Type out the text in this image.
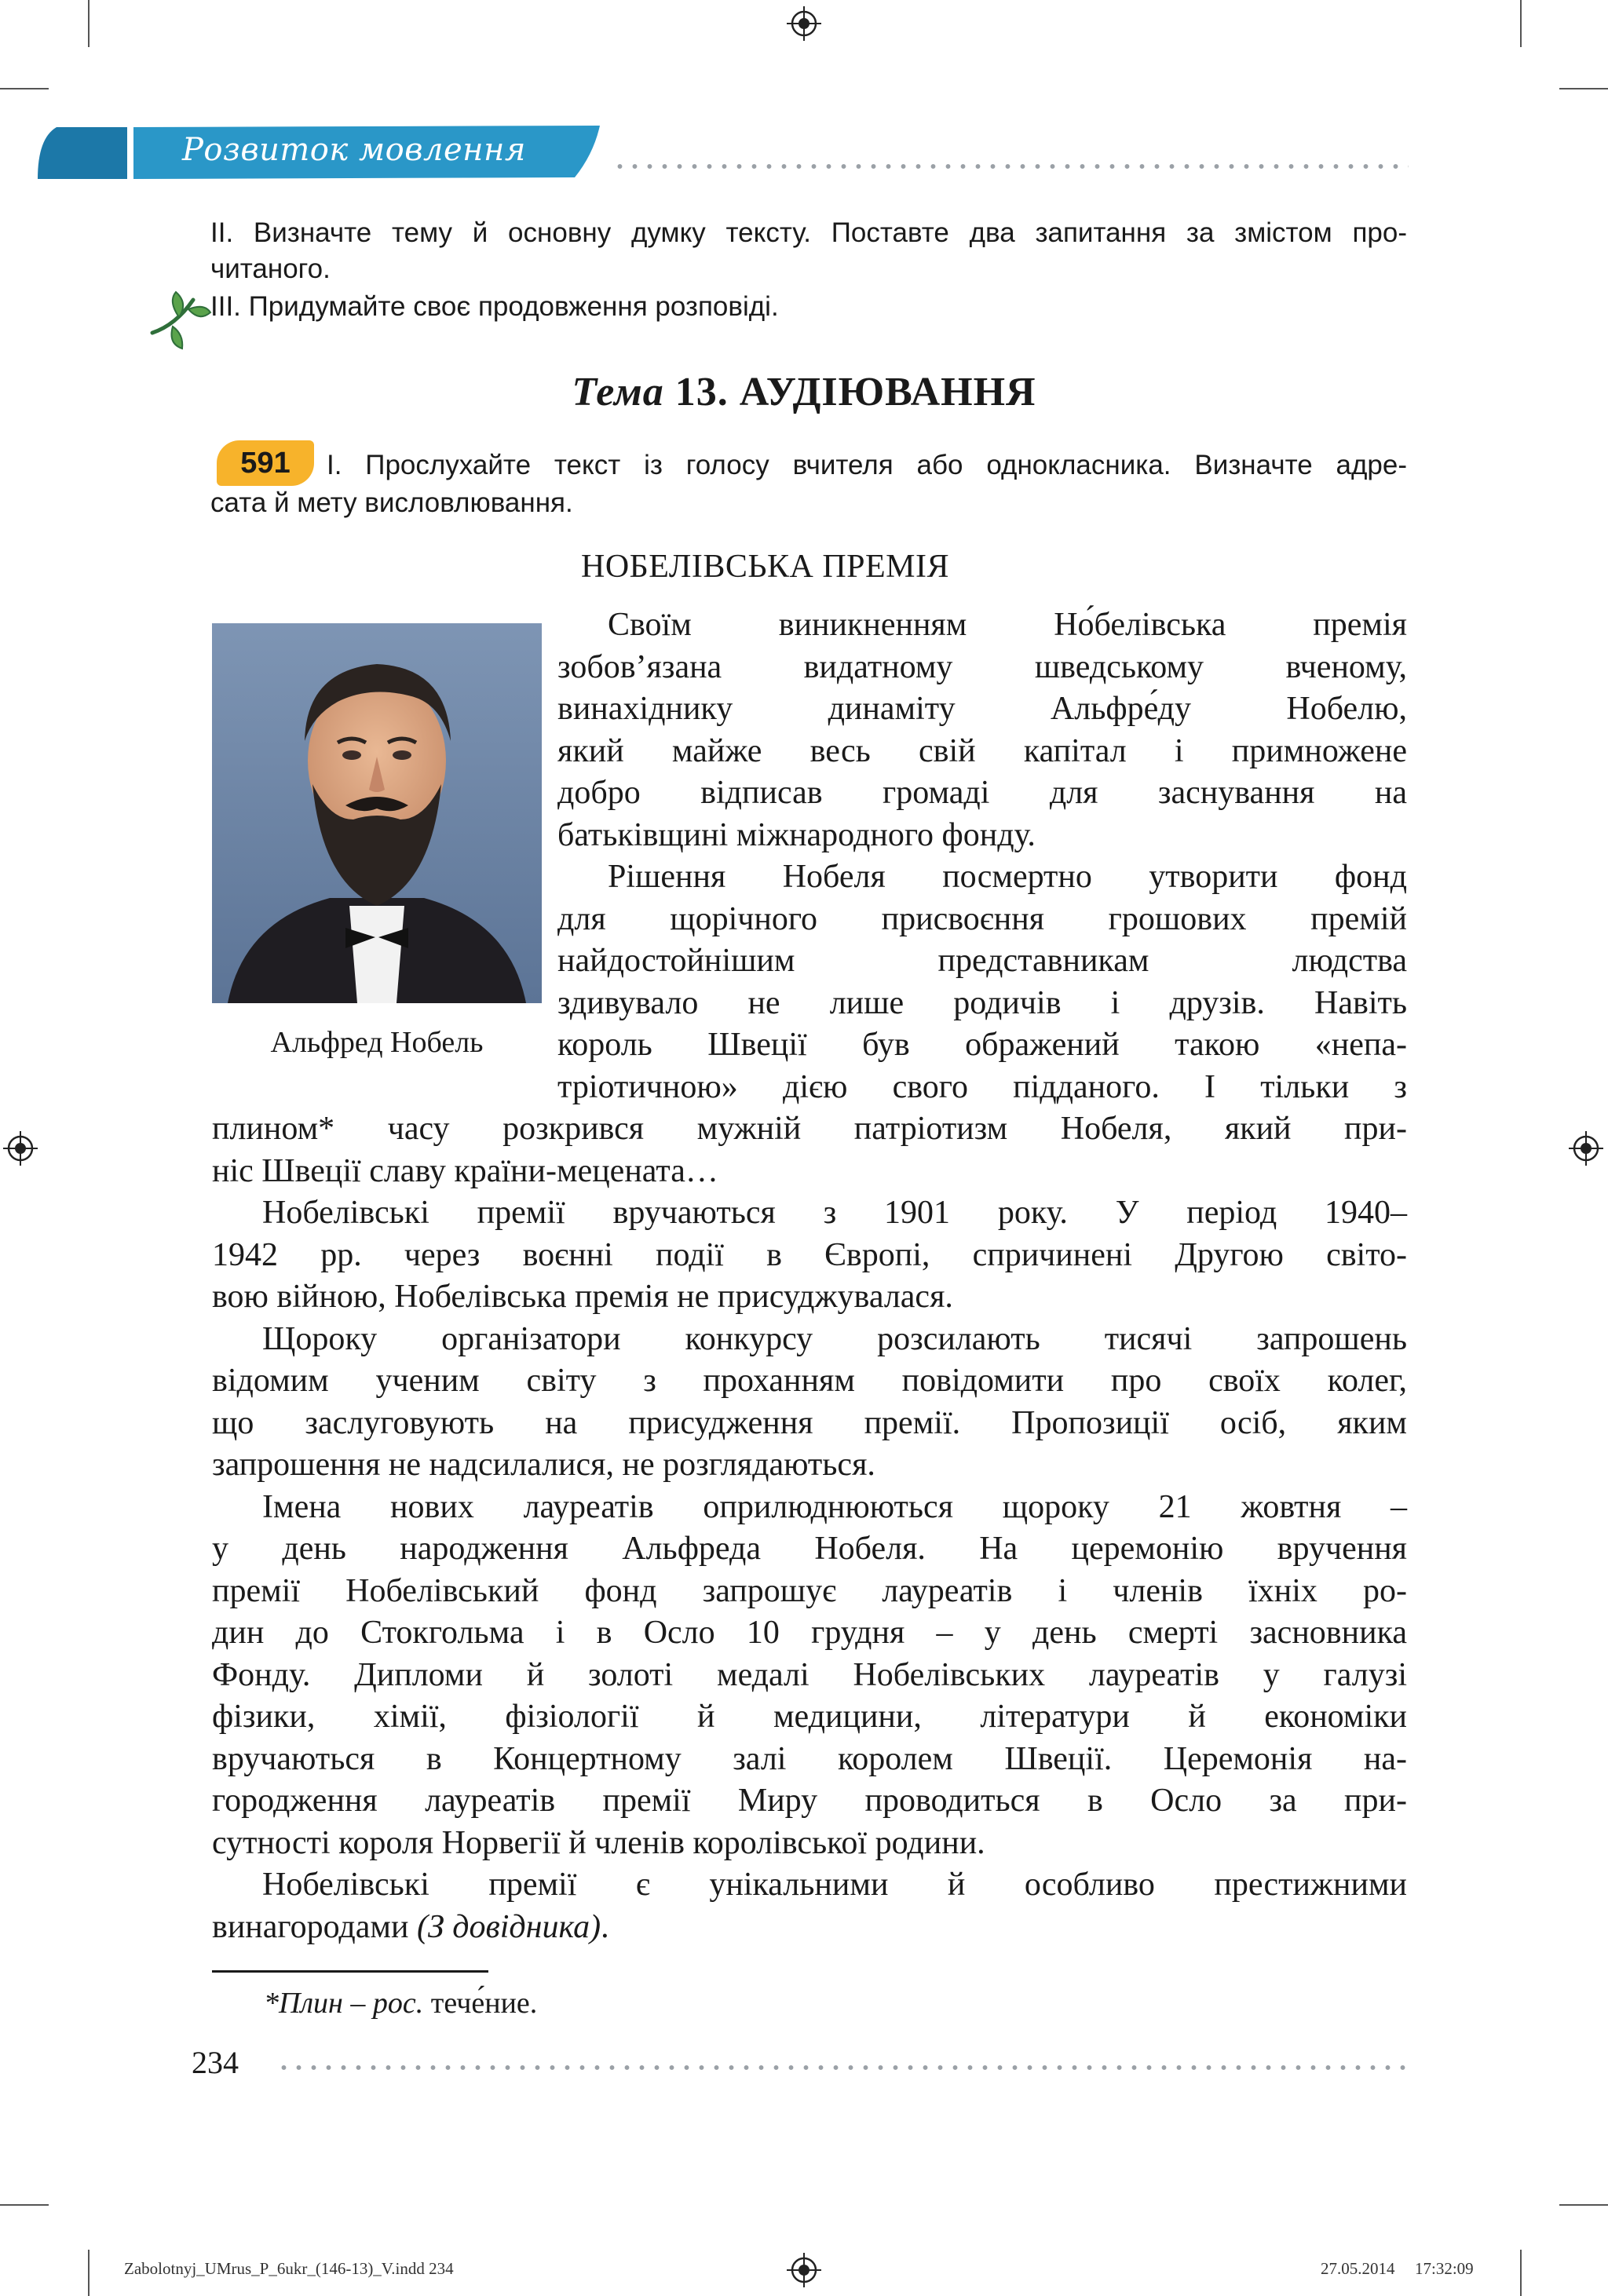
Розвиток мовлення
ІІ. Визначте тему й основну думку тексту. Поставте два запитання за змістом про-
читаного.
ІІІ. Придумайте своє продовження розповіді.
Тема 13. АУДІЮВАННЯ
591	І. Прослухайте текст із голосу вчителя або однокласника. Визначте адре-
сата й мету висловлювання.
НОБЕЛІВСЬКА ПРЕМІЯ
Альфред Нобель
Своїм виникненням Но́белівська премія
зобов’язана видатному шведському вченому,
винахіднику динаміту Альфре́ду Нобелю,
який майже весь свій капітал і примножене
добро відписав громаді для заснування на
батьківщині міжнародного фонду.
Рішення Нобеля посмертно утворити фонд
для щорічного присвоєння грошових премій
найдостойнішим представникам людства
здивувало не лише родичів і друзів. Навіть
король Швеції був ображений такою «непа-
тріотичною» дією свого підданого. І тільки з
плином* часу розкрився мужній патріотизм Нобеля, який при-
ніс Швеції славу країни-мецената…
Нобелівські премії вручаються з 1901 року. У період 1940–
1942 рр. через воєнні події в Європі, спричинені Другою світо-
вою війною, Нобелівська премія не присуджувалася.
Щороку організатори конкурсу розсилають тисячі запрошень
відомим ученим світу з проханням повідомити про своїх колег,
що заслуговують на присудження премії. Пропозиції осіб, яким
запрошення не надсилалися, не розглядаються.
Імена нових лауреатів оприлюднюються щороку 21 жовтня –
у день народження Альфреда Нобеля. На церемонію вручення
премії Нобелівський фонд запрошує лауреатів і членів їхніх ро-
дин до Стокгольма і в Осло 10 грудня – у день смерті засновника
Фонду. Дипломи й золоті медалі Нобелівських лауреатів у галузі
фізики, хімії, фізіології й медицини, літератури й економіки
вручаються в Концертному залі королем Швеції. Церемонія на-
городження лауреатів премії Миру проводиться в Осло за при-
сутності короля Норвегії й членів королівської родини.
Нобелівські премії є унікальними й особливо престижними
винагородами (З довідника).
*Плин – рос. тече́ние.
234
Zabolotnyj_UMrus_P_6ukr_(146-13)_V.indd 234	27.05.2014 17:32:09
